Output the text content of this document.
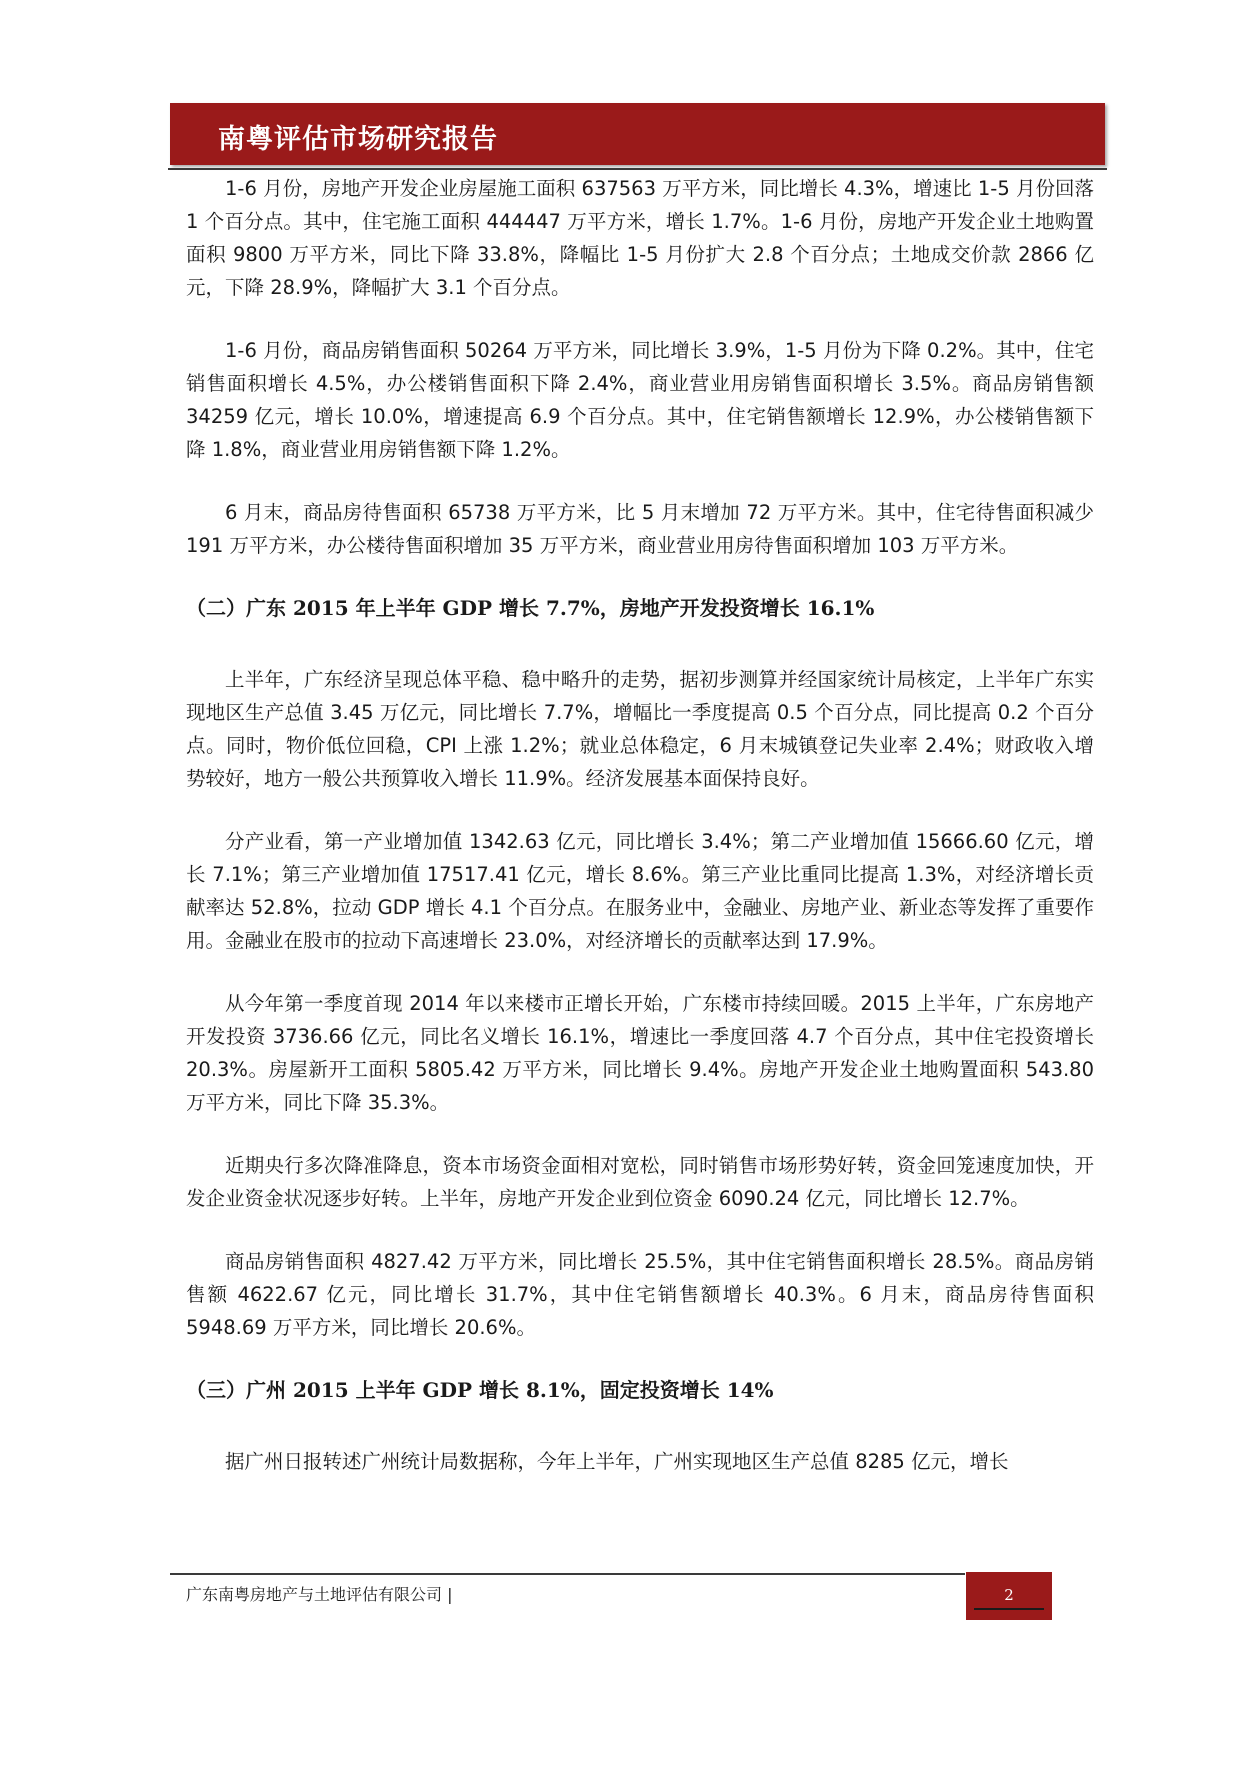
南粤评估市场研究报告

1-6 月份，房地产开发企业房屋施工面积 637563 万平方米，同比增长 4.3%，增速比 1-5 月份回落 1 个百分点。其中，住宅施工面积 444447 万平方米，增长 1.7%。1-6 月份，房地产开发企业土地购置面积 9800 万平方米，同比下降 33.8%，降幅比 1-5 月份扩大 2.8 个百分点；土地成交价款 2866 亿元，下降 28.9%，降幅扩大 3.1 个百分点。

1-6 月份，商品房销售面积 50264 万平方米，同比增长 3.9%，1-5 月份为下降 0.2%。其中，住宅销售面积增长 4.5%，办公楼销售面积下降 2.4%，商业营业用房销售面积增长 3.5%。商品房销售额 34259 亿元，增长 10.0%，增速提高 6.9 个百分点。其中，住宅销售额增长 12.9%，办公楼销售额下降 1.8%，商业营业用房销售额下降 1.2%。

6 月末，商品房待售面积 65738 万平方米，比 5 月末增加 72 万平方米。其中，住宅待售面积减少 191 万平方米，办公楼待售面积增加 35 万平方米，商业营业用房待售面积增加 103 万平方米。

（二）广东 2015 年上半年 GDP 增长 7.7%，房地产开发投资增长 16.1%

上半年，广东经济呈现总体平稳、稳中略升的走势，据初步测算并经国家统计局核定，上半年广东实现地区生产总值 3.45 万亿元，同比增长 7.7%，增幅比一季度提高 0.5 个百分点，同比提高 0.2 个百分点。同时，物价低位回稳，CPI 上涨 1.2%；就业总体稳定，6 月末城镇登记失业率 2.4%；财政收入增势较好，地方一般公共预算收入增长 11.9%。经济发展基本面保持良好。

分产业看，第一产业增加值 1342.63 亿元，同比增长 3.4%；第二产业增加值 15666.60 亿元，增长 7.1%；第三产业增加值 17517.41 亿元，增长 8.6%。第三产业比重同比提高 1.3%，对经济增长贡献率达 52.8%，拉动 GDP 增长 4.1 个百分点。在服务业中，金融业、房地产业、新业态等发挥了重要作用。金融业在股市的拉动下高速增长 23.0%，对经济增长的贡献率达到 17.9%。

从今年第一季度首现 2014 年以来楼市正增长开始，广东楼市持续回暖。2015 上半年，广东房地产开发投资 3736.66 亿元，同比名义增长 16.1%，增速比一季度回落 4.7 个百分点，其中住宅投资增长 20.3%。房屋新开工面积 5805.42 万平方米，同比增长 9.4%。房地产开发企业土地购置面积 543.80 万平方米，同比下降 35.3%。

近期央行多次降准降息，资本市场资金面相对宽松，同时销售市场形势好转，资金回笼速度加快，开发企业资金状况逐步好转。上半年，房地产开发企业到位资金 6090.24 亿元，同比增长 12.7%。

商品房销售面积 4827.42 万平方米，同比增长 25.5%，其中住宅销售面积增长 28.5%。商品房销售额 4622.67 亿元，同比增长 31.7%，其中住宅销售额增长 40.3%。6 月末，商品房待售面积 5948.69 万平方米，同比增长 20.6%。

（三）广州 2015 上半年 GDP 增长 8.1%，固定投资增长 14%

据广州日报转述广州统计局数据称，今年上半年，广州实现地区生产总值 8285 亿元，增长

广东南粤房地产与土地评估有限公司 |	2
